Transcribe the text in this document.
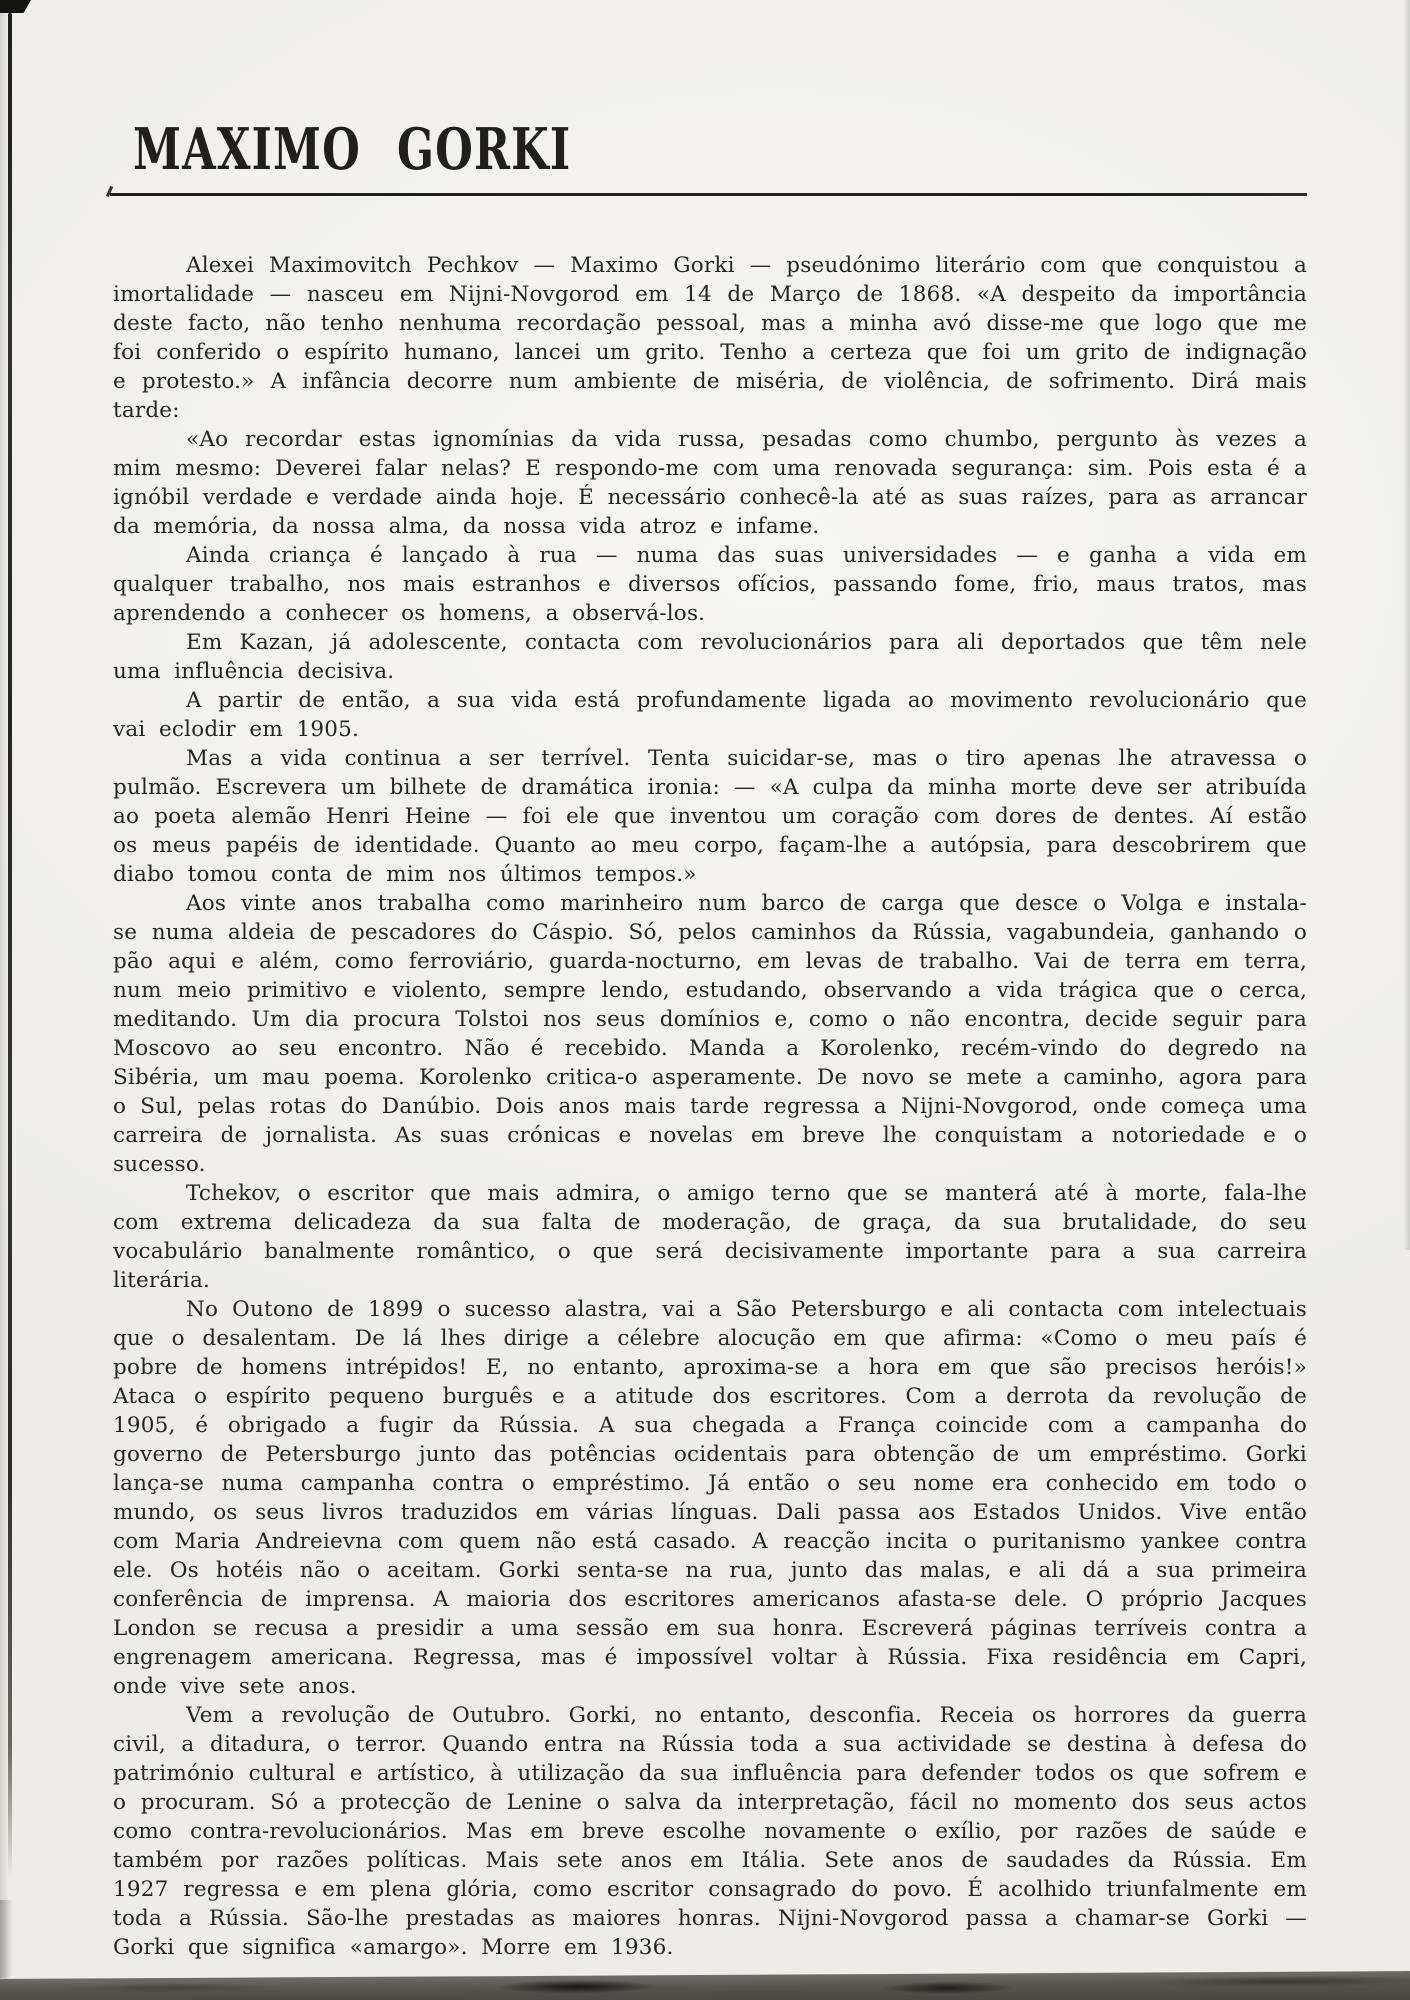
MAXIMO GORKI

Alexei Maximovitch Pechkov — Maximo Gorki — pseudónimo literário com que conquistou a imortalidade — nasceu em Nijni-Novgorod em 14 de Março de 1868. «A despeito da importância deste facto, não tenho nenhuma recordação pessoal, mas a minha avó disse-me que logo que me foi conferido o espírito humano, lancei um grito. Tenho a certeza que foi um grito de indignação e protesto.» A infância decorre num ambiente de miséria, de violência, de sofrimento. Dirá mais tarde:

«Ao recordar estas ignomínias da vida russa, pesadas como chumbo, pergunto às vezes a mim mesmo: Deverei falar nelas? E respondo-me com uma renovada segurança: sim. Pois esta é a ignóbil verdade e verdade ainda hoje. É necessário conhecê-la até as suas raízes, para as arrancar da memória, da nossa alma, da nossa vida atroz e infame.

Ainda criança é lançado à rua — numa das suas universidades — e ganha a vida em qualquer trabalho, nos mais estranhos e diversos ofícios, passando fome, frio, maus tratos, mas aprendendo a conhecer os homens, a observá-los.

Em Kazan, já adolescente, contacta com revolucionários para ali deportados que têm nele uma influência decisiva.

A partir de então, a sua vida está profundamente ligada ao movimento revolucionário que vai eclodir em 1905.

Mas a vida continua a ser terrível. Tenta suicidar-se, mas o tiro apenas lhe atravessa o pulmão. Escrevera um bilhete de dramática ironia: — «A culpa da minha morte deve ser atribuída ao poeta alemão Henri Heine — foi ele que inventou um coração com dores de dentes. Aí estão os meus papéis de identidade. Quanto ao meu corpo, façam-lhe a autópsia, para descobrirem que diabo tomou conta de mim nos últimos tempos.»

Aos vinte anos trabalha como marinheiro num barco de carga que desce o Volga e instala-se numa aldeia de pescadores do Cáspio. Só, pelos caminhos da Rússia, vagabundeia, ganhando o pão aqui e além, como ferroviário, guarda-nocturno, em levas de trabalho. Vai de terra em terra, num meio primitivo e violento, sempre lendo, estudando, observando a vida trágica que o cerca, meditando. Um dia procura Tolstoi nos seus domínios e, como o não encontra, decide seguir para Moscovo ao seu encontro. Não é recebido. Manda a Korolenko, recém-vindo do degredo na Sibéria, um mau poema. Korolenko critica-o asperamente. De novo se mete a caminho, agora para o Sul, pelas rotas do Danúbio. Dois anos mais tarde regressa a Nijni-Novgorod, onde começa uma carreira de jornalista. As suas crónicas e novelas em breve lhe conquistam a notoriedade e o sucesso.

Tchekov, o escritor que mais admira, o amigo terno que se manterá até à morte, fala-lhe com extrema delicadeza da sua falta de moderação, de graça, da sua brutalidade, do seu vocabulário banalmente romântico, o que será decisivamente importante para a sua carreira literária.

No Outono de 1899 o sucesso alastra, vai a São Petersburgo e ali contacta com intelectuais que o desalentam. De lá lhes dirige a célebre alocução em que afirma: «Como o meu país é pobre de homens intrépidos! E, no entanto, aproxima-se a hora em que são precisos heróis!» Ataca o espírito pequeno burguês e a atitude dos escritores. Com a derrota da revolução de 1905, é obrigado a fugir da Rússia. A sua chegada a França coincide com a campanha do governo de Petersburgo junto das potências ocidentais para obtenção de um empréstimo. Gorki lança-se numa campanha contra o empréstimo. Já então o seu nome era conhecido em todo o mundo, os seus livros traduzidos em várias línguas. Dali passa aos Estados Unidos. Vive então com Maria Andreievna com quem não está casado. A reacção incita o puritanismo yankee contra ele. Os hotéis não o aceitam. Gorki senta-se na rua, junto das malas, e ali dá a sua primeira conferência de imprensa. A maioria dos escritores americanos afasta-se dele. O próprio Jacques London se recusa a presidir a uma sessão em sua honra. Escreverá páginas terríveis contra a engrenagem americana. Regressa, mas é impossível voltar à Rússia. Fixa residência em Capri, onde vive sete anos.

Vem a revolução de Outubro. Gorki, no entanto, desconfia. Receia os horrores da guerra civil, a ditadura, o terror. Quando entra na Rússia toda a sua actividade se destina à defesa do património cultural e artístico, à utilização da sua influência para defender todos os que sofrem e o procuram. Só a protecção de Lenine o salva da interpretação, fácil no momento dos seus actos como contra-revolucionários. Mas em breve escolhe novamente o exílio, por razões de saúde e também por razões políticas. Mais sete anos em Itália. Sete anos de saudades da Rússia. Em 1927 regressa e em plena glória, como escritor consagrado do povo. É acolhido triunfalmente em toda a Rússia. São-lhe prestadas as maiores honras. Nijni-Novgorod passa a chamar-se Gorki — Gorki que significa «amargo». Morre em 1936.
